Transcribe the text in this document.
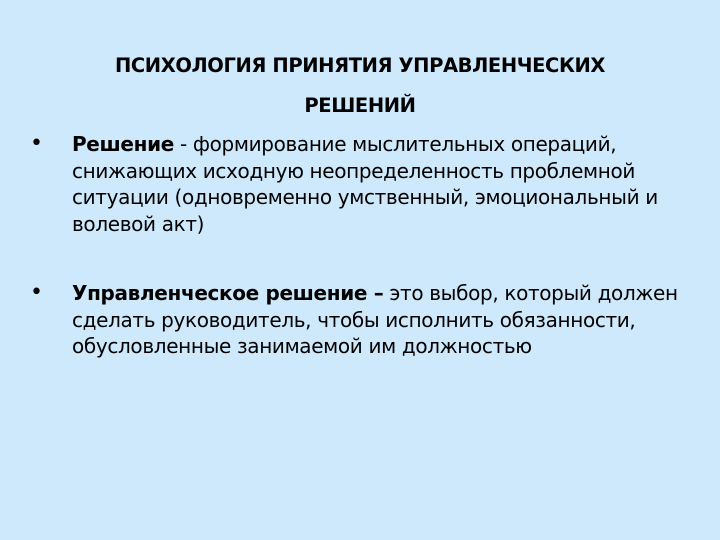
ПСИХОЛОГИЯ ПРИНЯТИЯ УПРАВЛЕНЧЕСКИХ
РЕШЕНИЙ
•	Решение - формирование мыслительных операций, снижающих исходную неопределенность проблемной ситуации (одновременно умственный, эмоциональный и волевой акт)
•	Управленческое решение – это выбор, который должен сделать руководитель, чтобы исполнить обязанности, обусловленные занимаемой им должностью
